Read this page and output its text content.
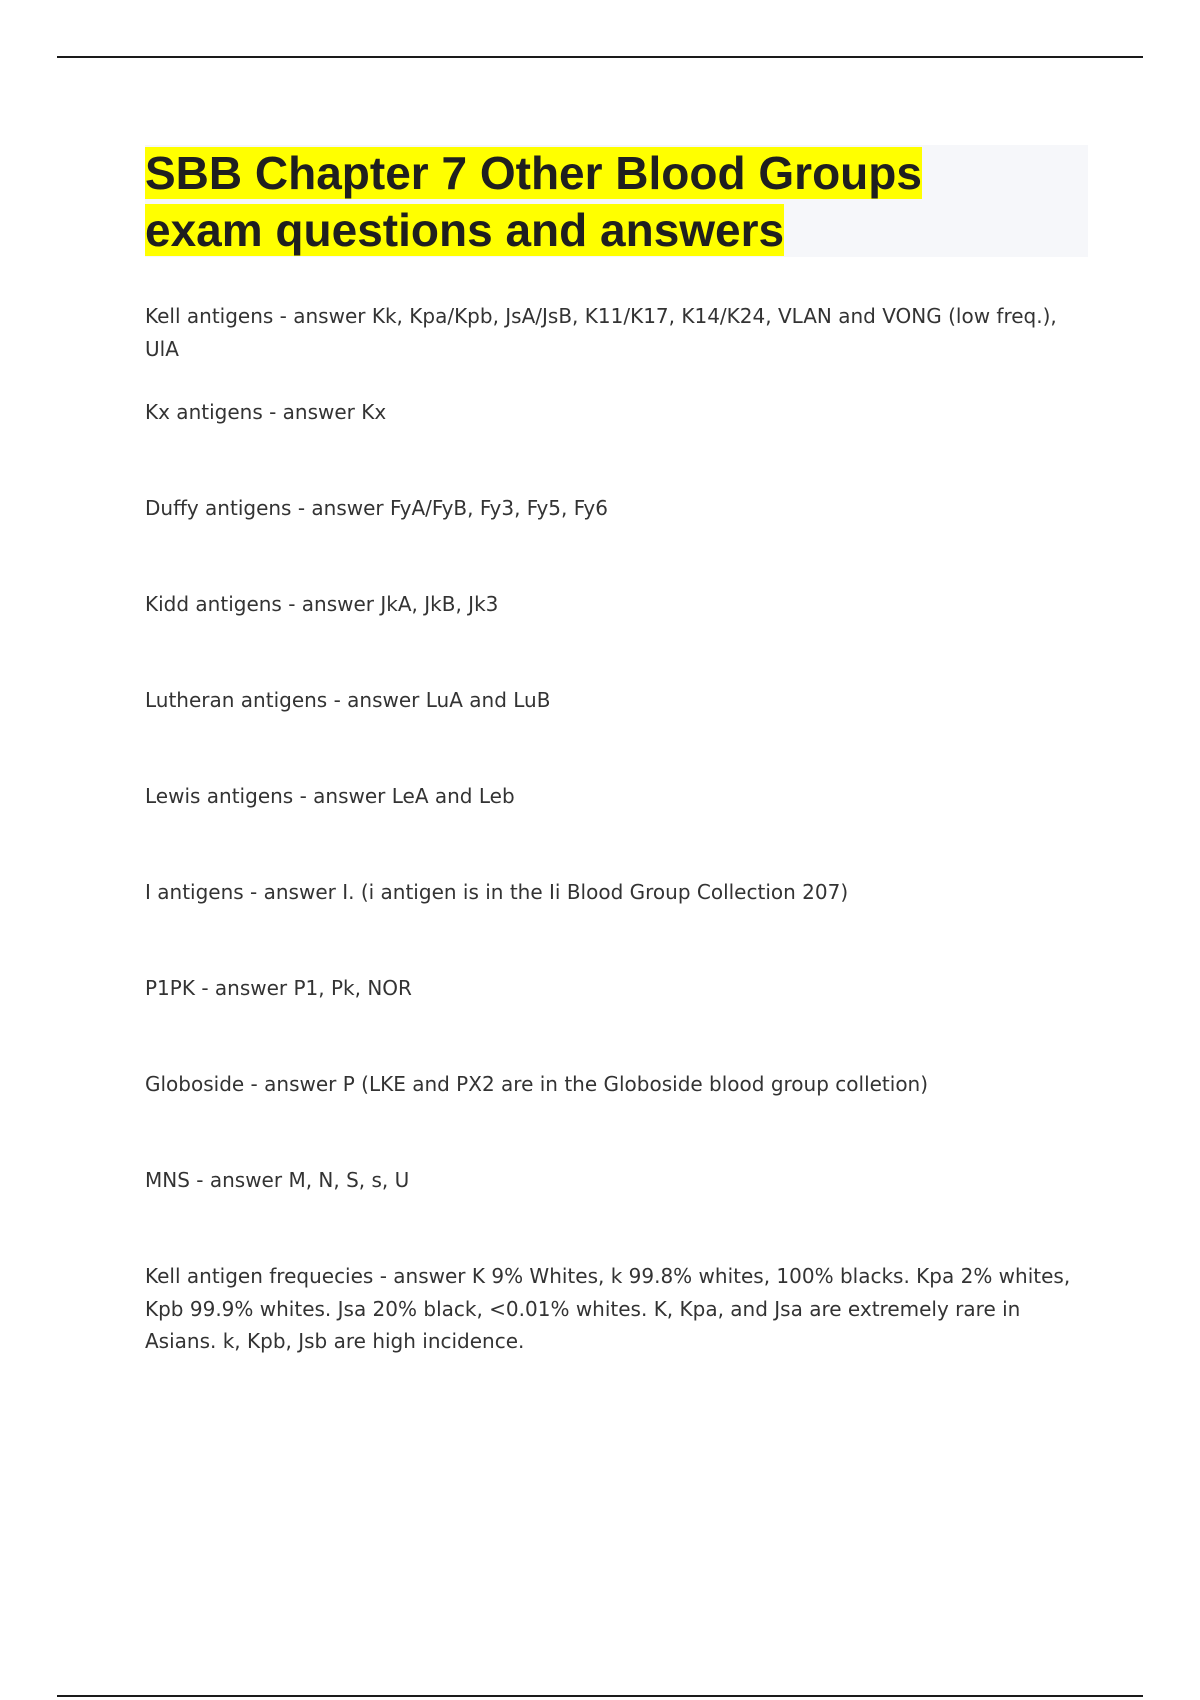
SBB Chapter 7 Other Blood Groups
exam questions and answers
Kell antigens - answer Kk, Kpa/Kpb, JsA/JsB, K11/K17, K14/K24, VLAN and VONG (low freq.), UlA
Kx antigens - answer Kx
Duffy antigens - answer FyA/FyB, Fy3, Fy5, Fy6
Kidd antigens - answer JkA, JkB, Jk3
Lutheran antigens - answer LuA and LuB
Lewis antigens - answer LeA and Leb
I antigens - answer I. (i antigen is in the Ii Blood Group Collection 207)
P1PK - answer P1, Pk, NOR
Globoside - answer P (LKE and PX2 are in the Globoside blood group colletion)
MNS - answer M, N, S, s, U
Kell antigen frequecies - answer K 9% Whites, k 99.8% whites, 100% blacks. Kpa 2% whites, Kpb 99.9% whites. Jsa 20% black, <0.01% whites. K, Kpa, and Jsa are extremely rare in Asians. k, Kpb, Jsb are high incidence.
